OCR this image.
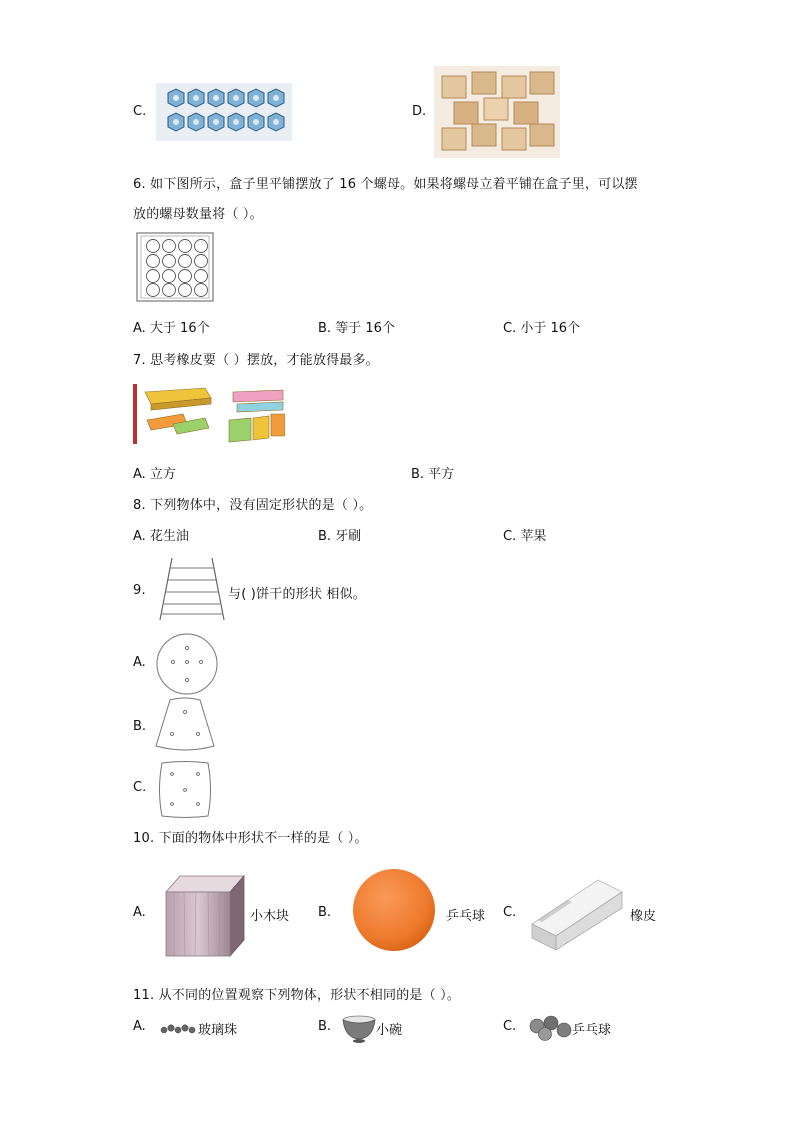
C.	D.
6. 如下图所示，盒子里平铺摆放了 16 个螺母。如果将螺母立着平铺在盒子里，可以摆
放的螺母数量将（ ）。
A. 大于 16个	B. 等于 16个	C. 小于 16个
7. 思考橡皮要（ ）摆放，才能放得最多。
A. 立方	B. 平方
8. 下列物体中，没有固定形状的是（ ）。
A. 花生油	B. 牙刷	C. 苹果
9.	与( )饼干的形状 相似。
A.
B.
C.
10. 下面的物体中形状不一样的是（ ）。
A.	小木块 B.	乒乓球 C.	橡皮
11. 从不同的位置观察下列物体，形状不相同的是（ ）。
A.	玻璃珠	B.	小碗	C.	乒乓球
